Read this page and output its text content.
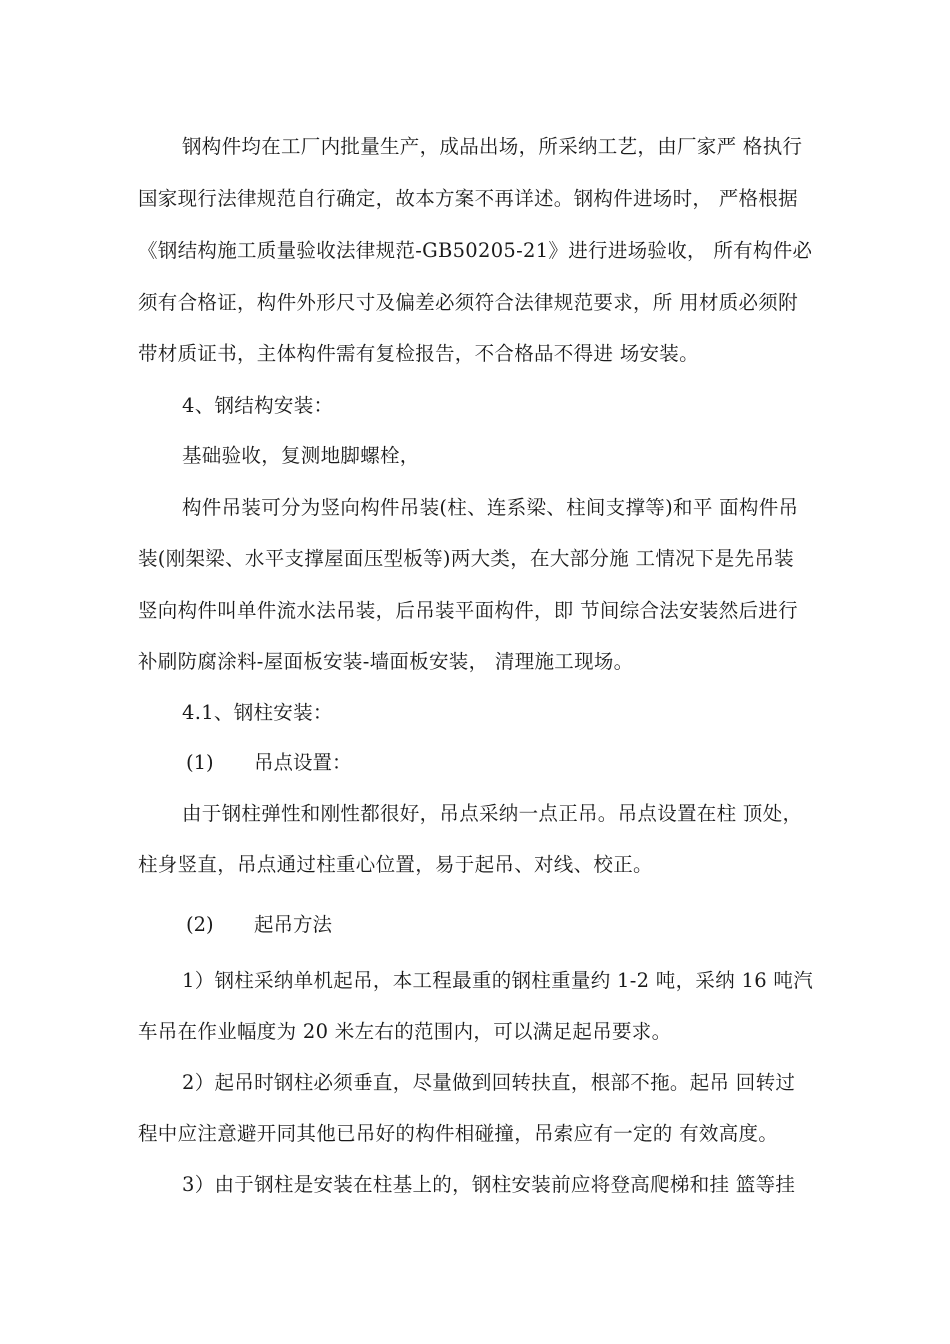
钢构件均在工厂内批量生产，成品出场，所采纳工艺，由厂家严 格执行
国家现行法律规范自行确定，故本方案不再详述。钢构件进场时， 严格根据
《钢结构施工质量验收法律规范-GB50205-21》进行进场验收， 所有构件必
须有合格证，构件外形尺寸及偏差必须符合法律规范要求，所 用材质必须附
带材质证书，主体构件需有复检报告，不合格品不得进 场安装。
4、钢结构安装：
基础验收，复测地脚螺栓，
构件吊装可分为竖向构件吊装(柱、连系梁、柱间支撑等)和平 面构件吊
装(刚架梁、水平支撑屋面压型板等)两大类，在大部分施 工情况下是先吊装
竖向构件叫单件流水法吊装，后吊装平面构件，即 节间综合法安装然后进行
补刷防腐涂料-屋面板安装-墙面板安装， 清理施工现场。
4.1、钢柱安装：
(1) 吊点设置：
由于钢柱弹性和刚性都很好，吊点采纳一点正吊。吊点设置在柱 顶处，
柱身竖直，吊点通过柱重心位置，易于起吊、对线、校正。
(2) 起吊方法
1）钢柱采纳单机起吊，本工程最重的钢柱重量约 1-2 吨，采纳 16 吨汽
车吊在作业幅度为 20 米左右的范围内，可以满足起吊要求。
2）起吊时钢柱必须垂直，尽量做到回转扶直，根部不拖。起吊 回转过
程中应注意避开同其他已吊好的构件相碰撞，吊索应有一定的 有效高度。
3）由于钢柱是安装在柱基上的，钢柱安装前应将登高爬梯和挂 篮等挂
